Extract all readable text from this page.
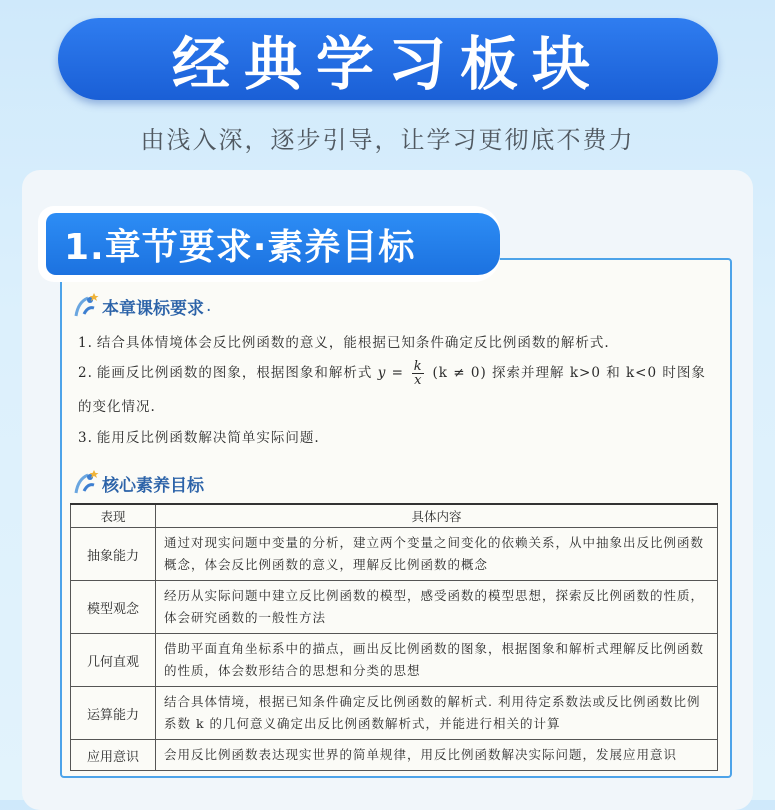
经典学习板块
由浅入深，逐步引导，让学习更彻底不费力
1.章节要求·素养目标
本章课标要求 .
1. 结合具体情境体会反比例函数的意义，能根据已知条件确定反比例函数的解析式.
2. 能画反比例函数的图象，根据图象和解析式 $y = \frac{k}{x} (k \ne 0)$ 探索并理解 k>0 和 k<0 时图象
的变化情况.
3. 能用反比例函数解决简单实际问题.
核心素养目标
表现	具体内容
抽象能力	通过对现实问题中变量的分析，建立两个变量之间变化的依赖关系，从中抽象出反比例函数概念，体会反比例函数的意义，理解反比例函数的概念
模型观念	经历从实际问题中建立反比例函数的模型，感受函数的模型思想，探索反比例函数的性质，体会研究函数的一般性方法
几何直观	借助平面直角坐标系中的描点，画出反比例函数的图象，根据图象和解析式理解反比例函数的性质，体会数形结合的思想和分类的思想
运算能力	结合具体情境，根据已知条件确定反比例函数的解析式. 利用待定系数法或反比例函数比例系数 k 的几何意义确定出反比例函数解析式，并能进行相关的计算
应用意识	会用反比例函数表达现实世界的简单规律，用反比例函数解决实际问题，发展应用意识
